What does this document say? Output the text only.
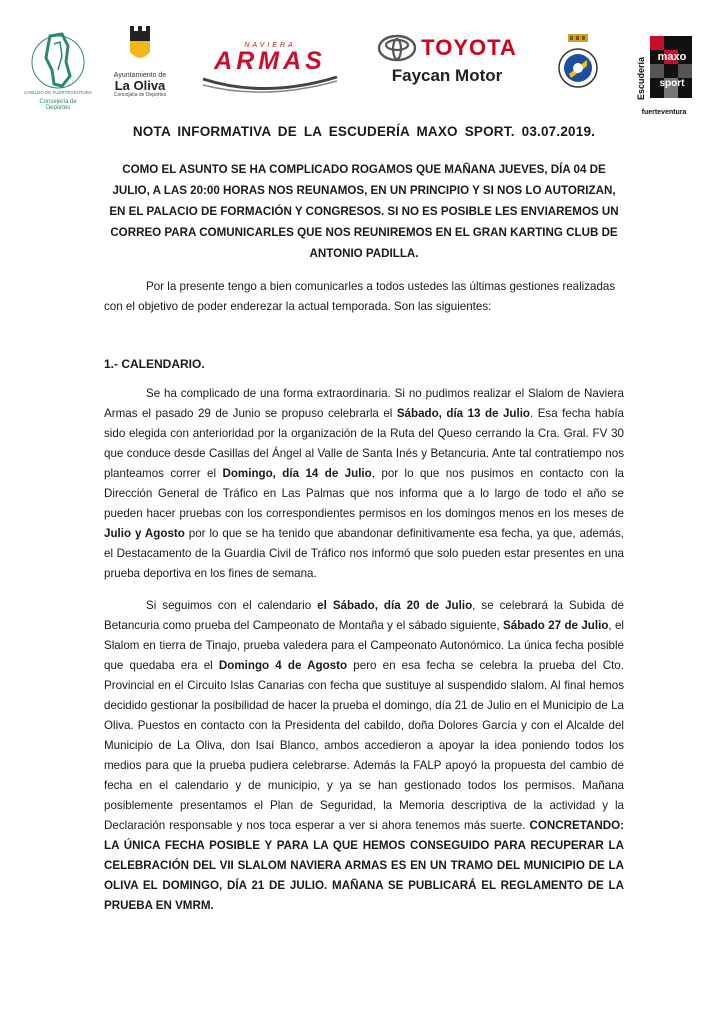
CABILDO DE FUERTEVENTURA
Consejería de Deportes
Ayuntamiento de
La Oliva
Concejalía de Deportes
NAVIERA
ARMAS	TOYOTA
Faycan Motor	Escudería maxo
sport
fuerteventura
NOTA INFORMATIVA DE LA ESCUDERÍA MAXO SPORT. 03.07.2019.
COMO EL ASUNTO SE HA COMPLICADO ROGAMOS QUE MAÑANA JUEVES, DÍA 04 DE JULIO, A LAS 20:00 HORAS NOS REUNAMOS, EN UN PRINCIPIO Y SI NOS LO AUTORIZAN, EN EL PALACIO DE FORMACIÓN Y CONGRESOS. SI NO ES POSIBLE LES ENVIAREMOS UN CORREO PARA COMUNICARLES QUE NOS REUNIREMOS EN EL GRAN KARTING CLUB DE ANTONIO PADILLA.

Por la presente tengo a bien comunicarles a todos ustedes las últimas gestiones realizadas con el objetivo de poder enderezar la actual temporada. Son las siguientes:

1.- CALENDARIO.

Se ha complicado de una forma extraordinaria. Si no pudimos realizar el Slalom de Naviera Armas el pasado 29 de Junio se propuso celebrarla el Sábado, día 13 de Julio. Esa fecha había sido elegida con anterioridad por la organización de la Ruta del Queso cerrando la Cra. Gral. FV 30 que conduce desde Casillas del Ángel al Valle de Santa Inés y Betancuria. Ante tal contratiempo nos planteamos correr el Domingo, día 14 de Julio, por lo que nos pusimos en contacto con la Dirección General de Tráfico en Las Palmas que nos informa que a lo largo de todo el año se pueden hacer pruebas con los correspondientes permisos en los domingos menos en los meses de Julio y Agosto por lo que se ha tenido que abandonar definitivamente esa fecha, ya que, además, el Destacamento de la Guardia Civil de Tráfico nos informó que solo pueden estar presentes en una prueba deportiva en los fines de semana.

Si seguimos con el calendario el Sábado, día 20 de Julio, se celebrará la Subida de Betancuria como prueba del Campeonato de Montaña y el sábado siguiente, Sábado 27 de Julio, el Slalom en tierra de Tinajo, prueba valedera para el Campeonato Autonómico. La única fecha posible que quedaba era el Domingo 4 de Agosto pero en esa fecha se celebra la prueba del Cto. Provincial en el Circuito Islas Canarias con fecha que sustituye al suspendido slalom. Al final hemos decidido gestionar la posibilidad de hacer la prueba el domingo, día 21 de Julio en el Municipio de La Oliva. Puestos en contacto con la Presidenta del cabildo, doña Dolores García y con el Alcalde del Municipio de La Oliva, don Isaí Blanco, ambos accedieron a apoyar la idea poniendo todos los medios para que la prueba pudiera celebrarse. Además la FALP apoyó la propuesta del cambio de fecha en el calendario y de municipio, y ya se han gestionado todos los permisos. Mañana posiblemente presentamos el Plan de Seguridad, la Memoria descriptiva de la actividad y la Declaración responsable y nos toca esperar a ver si ahora tenemos más suerte. CONCRETANDO: LA ÚNICA FECHA POSIBLE Y PARA LA QUE HEMOS CONSEGUIDO PARA RECUPERAR LA CELEBRACIÓN DEL VII SLALOM NAVIERA ARMAS ES EN UN TRAMO DEL MUNICIPIO DE LA OLIVA EL DOMINGO, DÍA 21 DE JULIO. MAÑANA SE PUBLICARÁ EL REGLAMENTO DE LA PRUEBA EN VMRM.
